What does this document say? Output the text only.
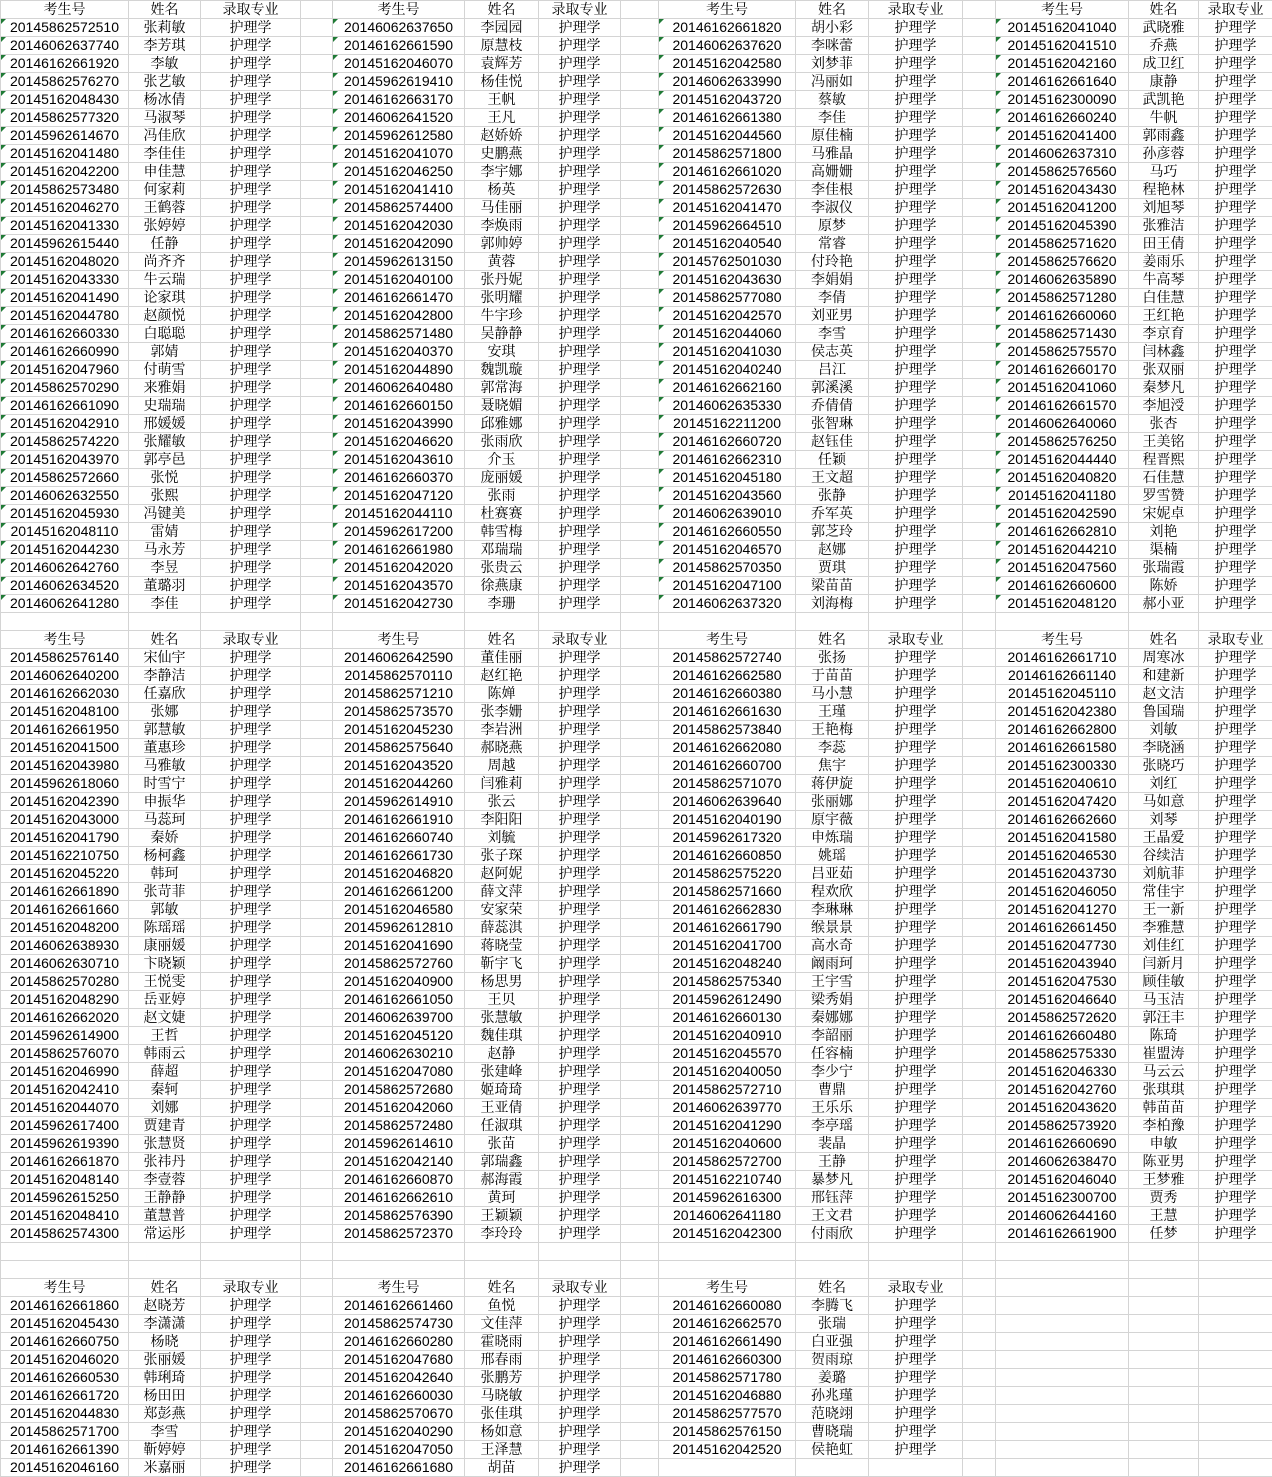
考生号	姓名	录取专业		考生号	姓名	录取专业		考生号	姓名	录取专业		考生号	姓名	录取专业
20145862572510	张莉敏	护理学		20146062637650	李园园	护理学		20146162661820	胡小彩	护理学		20145162041040	武晓雅	护理学
20146062637740	李芳琪	护理学		20146162661590	原慧枝	护理学		20146062637620	李咪蕾	护理学		20145162041510	乔燕	护理学
20146162661920	李敏	护理学		20145162046070	袁辉芳	护理学		20145162042580	刘梦菲	护理学		20145162042160	成卫红	护理学
20145862576270	张艺敏	护理学		20145962619410	杨佳悦	护理学		20146062633990	冯丽如	护理学		20146162661640	康静	护理学
20145162048430	杨冰倩	护理学		20146162663170	王帆	护理学		20145162043720	蔡敏	护理学		20145162300090	武凯艳	护理学
20145862577320	马淑琴	护理学		20146062641520	王凡	护理学		20146162661380	李佳	护理学		20146162660240	牛帆	护理学
20145962614670	冯佳欣	护理学		20145962612580	赵娇娇	护理学		20145162044560	原佳楠	护理学		20145162041400	郭雨鑫	护理学
20145162041480	李佳佳	护理学		20145162041070	史鹏燕	护理学		20145862571800	马雅晶	护理学		20146062637310	孙彦蓉	护理学
20145162042200	申佳慧	护理学		20145162046250	李宇娜	护理学		20146162661020	高姗姗	护理学		20145862576560	马巧	护理学
20145862573480	何家莉	护理学		20145162041410	杨英	护理学		20145862572630	李佳根	护理学		20145162043430	程艳林	护理学
20145162046270	王鹤蓉	护理学		20145862574400	马佳丽	护理学		20145162041470	李淑仪	护理学		20145162041200	刘旭琴	护理学
20145162041330	张婷婷	护理学		20145162042030	李焕雨	护理学		20145962664510	原梦	护理学		20145162045390	张雅洁	护理学
20145962615440	任静	护理学		20145162042090	郭帅婷	护理学		20145162040540	常睿	护理学		20145862571620	田王倩	护理学
20145162048020	尚齐齐	护理学		20145962613150	黄蓉	护理学		20145762501030	付玲艳	护理学		20145862576620	姜雨乐	护理学
20145162043330	牛云瑞	护理学		20145162040100	张丹妮	护理学		20145162043630	李娟娟	护理学		20146062635890	牛高琴	护理学
20145162041490	论家琪	护理学		20146162661470	张明耀	护理学		20145862577080	李倩	护理学		20145862571280	白佳慧	护理学
20145162044780	赵颜悦	护理学		20145162042800	牛宇珍	护理学		20145162042570	刘亚男	护理学		20146162660060	王红艳	护理学
20146162660330	白聪聪	护理学		20145862571480	吴静静	护理学		20145162044060	李雪	护理学		20145862571430	李京育	护理学
20146162660990	郭婧	护理学		20145162040370	安琪	护理学		20145162041030	侯志英	护理学		20145862575570	闫林鑫	护理学
20145162047960	付萌雪	护理学		20145162044890	魏凯璇	护理学		20145162040240	吕江	护理学		20146162660170	张双丽	护理学
20145862570290	来雅娟	护理学		20146062640480	郭常海	护理学		20146162662160	郭溪溪	护理学		20145162041060	秦梦凡	护理学
20146162661090	史瑞瑞	护理学		20146162660150	聂晓媚	护理学		20146062635330	乔倩倩	护理学		20146162661570	李旭涭	护理学
20145162042910	邢媛媛	护理学		20145162043990	邱雅娜	护理学		20145162211200	张智琳	护理学		20146062640060	张杏	护理学
20145862574220	张耀敏	护理学		20145162046620	张雨欣	护理学		20146162660720	赵钰佳	护理学		20145862576250	王美铭	护理学
20145162043970	郭亭邑	护理学		20145162043610	介玉	护理学		20146162662310	任颖	护理学		20145162044440	程晋熙	护理学
20145862572660	张悦	护理学		20146162660370	庞丽媛	护理学		20145162045180	王文超	护理学		20145162040820	石佳慧	护理学
20146062632550	张熙	护理学		20145162047120	张雨	护理学		20145162043560	张静	护理学		20145162041180	罗雪赞	护理学
20145162045930	冯键美	护理学		20145162044110	杜赛赛	护理学		20146062639010	乔军英	护理学		20145162042590	宋妮卓	护理学
20145162048110	雷婧	护理学		20145962617200	韩雪梅	护理学		20146162660550	郭芝玲	护理学		20146162662810	刘艳	护理学
20145162044230	马永芳	护理学		20146162661980	邓瑞瑞	护理学		20145162046570	赵娜	护理学		20145162044210	渠楠	护理学
20146062642760	李昱	护理学		20145162042020	张贵云	护理学		20145862570350	贾琪	护理学		20145162047560	张瑞霞	护理学
20146062634520	董璐羽	护理学		20145162043570	徐燕康	护理学		20145162047100	梁苗苗	护理学		20146162660600	陈娇	护理学
20146062641280	李佳	护理学		20145162042730	李珊	护理学		20146062637320	刘海梅	护理学		20145162048120	郝小亚	护理学

考生号	姓名	录取专业		考生号	姓名	录取专业		考生号	姓名	录取专业		考生号	姓名	录取专业
20145862576140	宋仙宇	护理学		20146062642590	董佳丽	护理学		20145862572740	张扬	护理学		20146162661710	周寒冰	护理学
20146062640200	李静洁	护理学		20145862570110	赵红艳	护理学		20146162662580	于苗苗	护理学		20146162661140	和建新	护理学
20146162662030	任嘉欣	护理学		20145862571210	陈婵	护理学		20146162660380	马小慧	护理学		20145162045110	赵文洁	护理学
20145162048100	张娜	护理学		20145862573570	张李姗	护理学		20146162661630	王瑾	护理学		20145162042380	鲁国瑞	护理学
20146162661950	郭慧敏	护理学		20145162045230	李岩洲	护理学		20145862573840	王艳梅	护理学		20146162662800	刘敏	护理学
20145162041500	董惠珍	护理学		20145862575640	郝晓燕	护理学		20146162662080	李蕊	护理学		20146162661580	李晓涵	护理学
20145162043980	马雅敏	护理学		20145162043520	周越	护理学		20146162660700	焦宇	护理学		20145162300330	张晓巧	护理学
20145962618060	时雪宁	护理学		20145162044260	闫雅莉	护理学		20145862571070	蒋伊旋	护理学		20145162040610	刘红	护理学
20145162042390	申振华	护理学		20145962614910	张云	护理学		20146062639640	张丽娜	护理学		20145162047420	马如意	护理学
20145162043000	马蕊珂	护理学		20146162661910	李阳阳	护理学		20145162040190	原宇薇	护理学		20146162662660	刘琴	护理学
20145162041790	秦娇	护理学		20146162660740	刘毓	护理学		20145962617320	申炼瑞	护理学		20145162041580	王晶爱	护理学
20145162210750	杨柯鑫	护理学		20146162661730	张子琛	护理学		20146162660850	姚瑶	护理学		20145162046530	谷续洁	护理学
20145162045220	韩珂	护理学		20145162046820	赵阿妮	护理学		20145862575220	吕亚茹	护理学		20145162043730	刘航菲	护理学
20146162661890	张苛菲	护理学		20146162661200	薛文萍	护理学		20145862571660	程欢欣	护理学		20145162046050	常佳宇	护理学
20146162661660	郭敏	护理学		20145162046580	安家荣	护理学		20146162662830	李琳琳	护理学		20145162041270	王一新	护理学
20145162048200	陈瑶瑶	护理学		20145962612810	薛蕊淇	护理学		20146162661790	缑景景	护理学		20146162661450	李雅慧	护理学
20146062638930	康丽媛	护理学		20145162041690	蒋晓莹	护理学		20145162041700	高水奇	护理学		20145162047730	刘佳红	护理学
20146062630710	卞晓颖	护理学		20145862572760	靳宇飞	护理学		20145162048240	阚雨珂	护理学		20145162043940	闫新月	护理学
20145862570280	王悦雯	护理学		20145162040900	杨思男	护理学		20145862575340	王宇雪	护理学		20145162047530	顾佳敏	护理学
20145162048290	岳亚婷	护理学		20146162661050	王贝	护理学		20145962612490	梁秀娟	护理学		20145162046640	马玉洁	护理学
20146162662020	赵文婕	护理学		20146062639700	张慧敏	护理学		20146162660130	秦娜娜	护理学		20145862572620	郭汪丰	护理学
20145962614900	王哲	护理学		20145162045120	魏佳琪	护理学		20145162040910	李韶丽	护理学		20146162660480	陈琦	护理学
20145862576070	韩雨云	护理学		20146062630210	赵静	护理学		20145162045570	任容楠	护理学		20145862575330	崔盟涛	护理学
20145162046990	薛超	护理学		20145162047080	张建峰	护理学		20145162040050	李少宁	护理学		20145162046330	马云云	护理学
20145162042410	秦轲	护理学		20145862572680	姬琦琦	护理学		20145862572710	曹鼎	护理学		20145162042760	张琪琪	护理学
20145162044070	刘娜	护理学		20145162042060	王亚倩	护理学		20146062639770	王乐乐	护理学		20145162043620	韩苗苗	护理学
20145962617400	贾建青	护理学		20145862572480	任淑琪	护理学		20145162041290	李亭瑶	护理学		20145862573920	李柏豫	护理学
20145962619390	张慧贤	护理学		20145962614610	张苗	护理学		20145162040600	裴晶	护理学		20146162660690	申敏	护理学
20146162661870	张祎丹	护理学		20145162042140	郭瑞鑫	护理学		20145862572700	王静	护理学		20146062638470	陈亚男	护理学
20145162048140	李壹蓉	护理学		20146162660870	郝海霞	护理学		20145162210740	暴梦凡	护理学		20145162046040	王梦雅	护理学
20145962615250	王静静	护理学		20146162662610	黄珂	护理学		20145962616300	邢钰萍	护理学		20145162300700	贾秀	护理学
20145162048410	董慧普	护理学		20145862576390	王颖颖	护理学		20146062641180	王文君	护理学		20146062644160	王慧	护理学
20145862574300	常运彤	护理学		20145862572370	李玲玲	护理学		20145162042300	付雨欣	护理学		20146162661900	任梦	护理学

考生号	姓名	录取专业		考生号	姓名	录取专业		考生号	姓名	录取专业				
20146162661860	赵晓芳	护理学		20146162661460	鱼悦	护理学		20146162660080	李腾飞	护理学				
20145162045430	李潇潇	护理学		20145862574730	文佳萍	护理学		20146162662570	张瑞	护理学				
20146162660750	杨晓	护理学		20146162660280	霍晓雨	护理学		20146162661490	白亚强	护理学				
20145162046020	张丽媛	护理学		20145162047680	邢春雨	护理学		20146162660300	贺雨琼	护理学				
20146162660530	韩琍琦	护理学		20145162042640	张鹏芳	护理学		20145862571780	姜璐	护理学				
20146162661720	杨田田	护理学		20146162660030	马晓敏	护理学		20145162046880	孙兆瑾	护理学				
20145162044830	郑彭燕	护理学		20145862570670	张佳琪	护理学		20145862577570	范晓翊	护理学				
20145862571700	李雪	护理学		20145162040290	杨如意	护理学		20145862576150	曹晓瑞	护理学				
20146162661390	靳婷婷	护理学		20145162047050	王泽慧	护理学		20145162042520	侯艳虹	护理学				
20145162046160	米嘉丽	护理学		20146162661680	胡苗	护理学								
